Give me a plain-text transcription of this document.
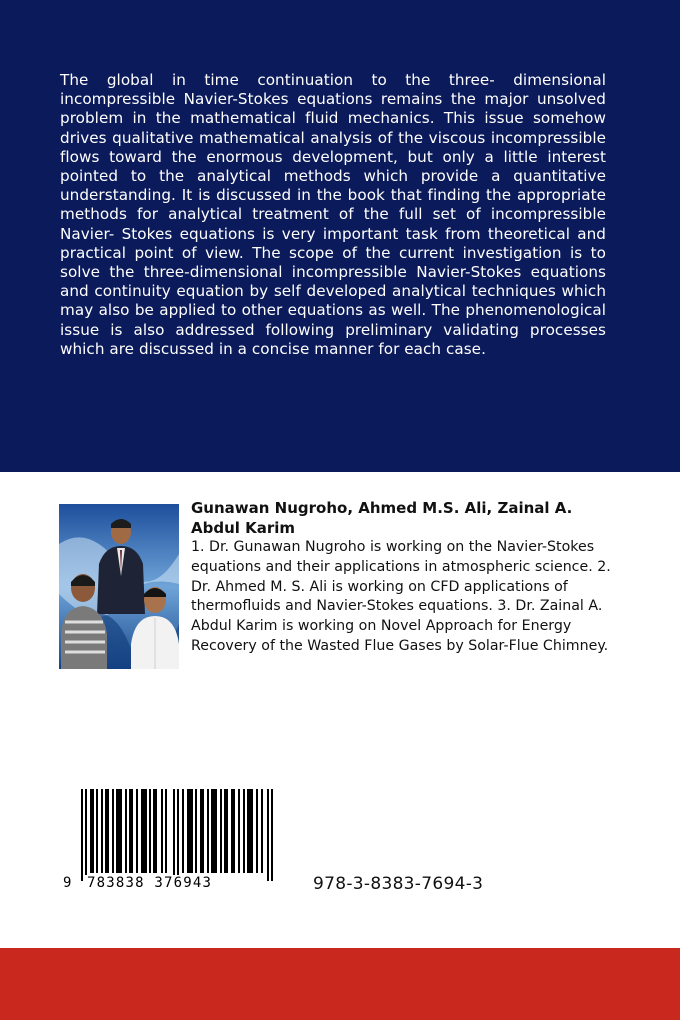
The global in time continuation to the three- dimensional incompressible Navier-Stokes equations remains the major unsolved problem in the mathematical fluid mechanics. This issue somehow drives qualitative mathematical analysis of the viscous incompressible flows toward the enormous development, but only a little interest pointed to the analytical methods which provide a quantitative understanding. It is discussed in the book that finding the appropriate methods for analytical treatment of the full set of incompressible Navier- Stokes equations is very important task from theoretical and practical point of view. The scope of the current investigation is to solve the three-dimensional incompressible Navier-Stokes equations and continuity equation by self developed analytical techniques which may also be applied to other equations as well. The phenomenological issue is also addressed following preliminary validating processes which are discussed in a concise manner for each case.

Gunawan Nugroho, Ahmed M.S. Ali, Zainal A. Abdul Karim

1. Dr. Gunawan Nugroho is working on the Navier-Stokes equations and their applications in atmospheric science. 2. Dr. Ahmed M. S. Ali is working on CFD applications of thermofluids and Navier-Stokes equations. 3. Dr. Zainal A. Abdul Karim is working on Novel Approach for Energy Recovery of the Wasted Flue Gases by Solar-Flue Chimney.

9 783838 376943	978-3-8383-7694-3
